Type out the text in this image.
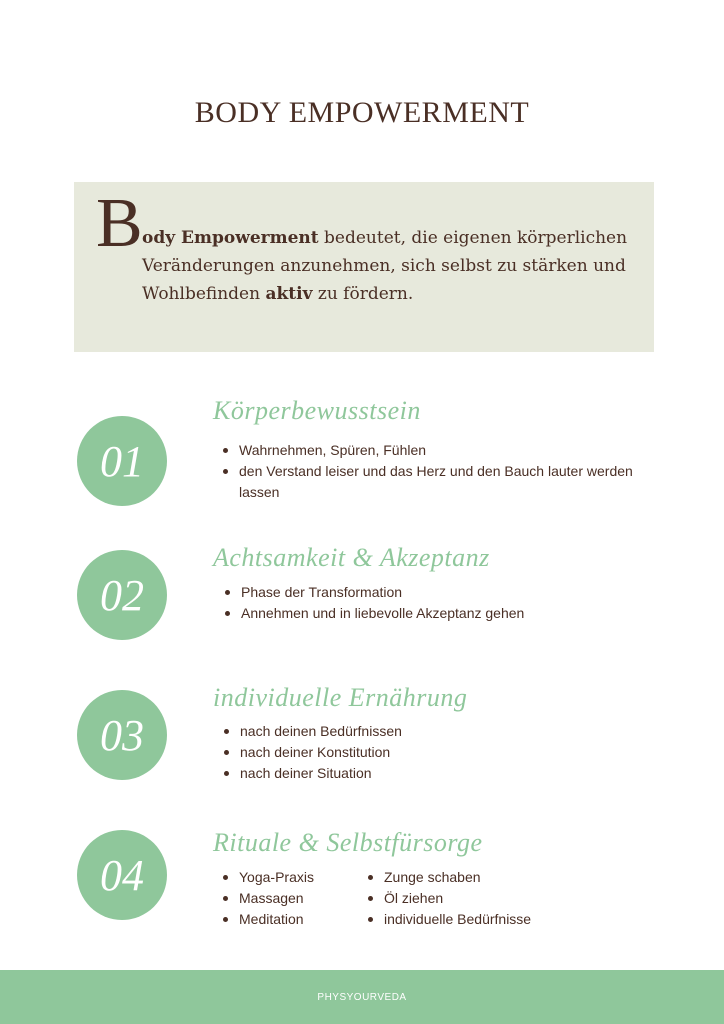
BODY EMPOWERMENT
B ody Empowerment bedeutet, die eigenen körperlichen Veränderungen anzunehmen, sich selbst zu stärken und Wohlbefinden aktiv zu fördern.
01
Körperbewusstsein
Wahrnehmen, Spüren, Fühlen
den Verstand leiser und das Herz und den Bauch lauter werden lassen
02
Achtsamkeit & Akzeptanz
Phase der Transformation
Annehmen und in liebevolle Akzeptanz gehen
03
individuelle Ernährung
nach deinen Bedürfnissen
nach deiner Konstitution
nach deiner Situation
04
Rituale & Selbstfürsorge
Yoga-Praxis
Massagen
Meditation
Zunge schaben
Öl ziehen
individuelle Bedürfnisse
PHYSYOURVEDA
